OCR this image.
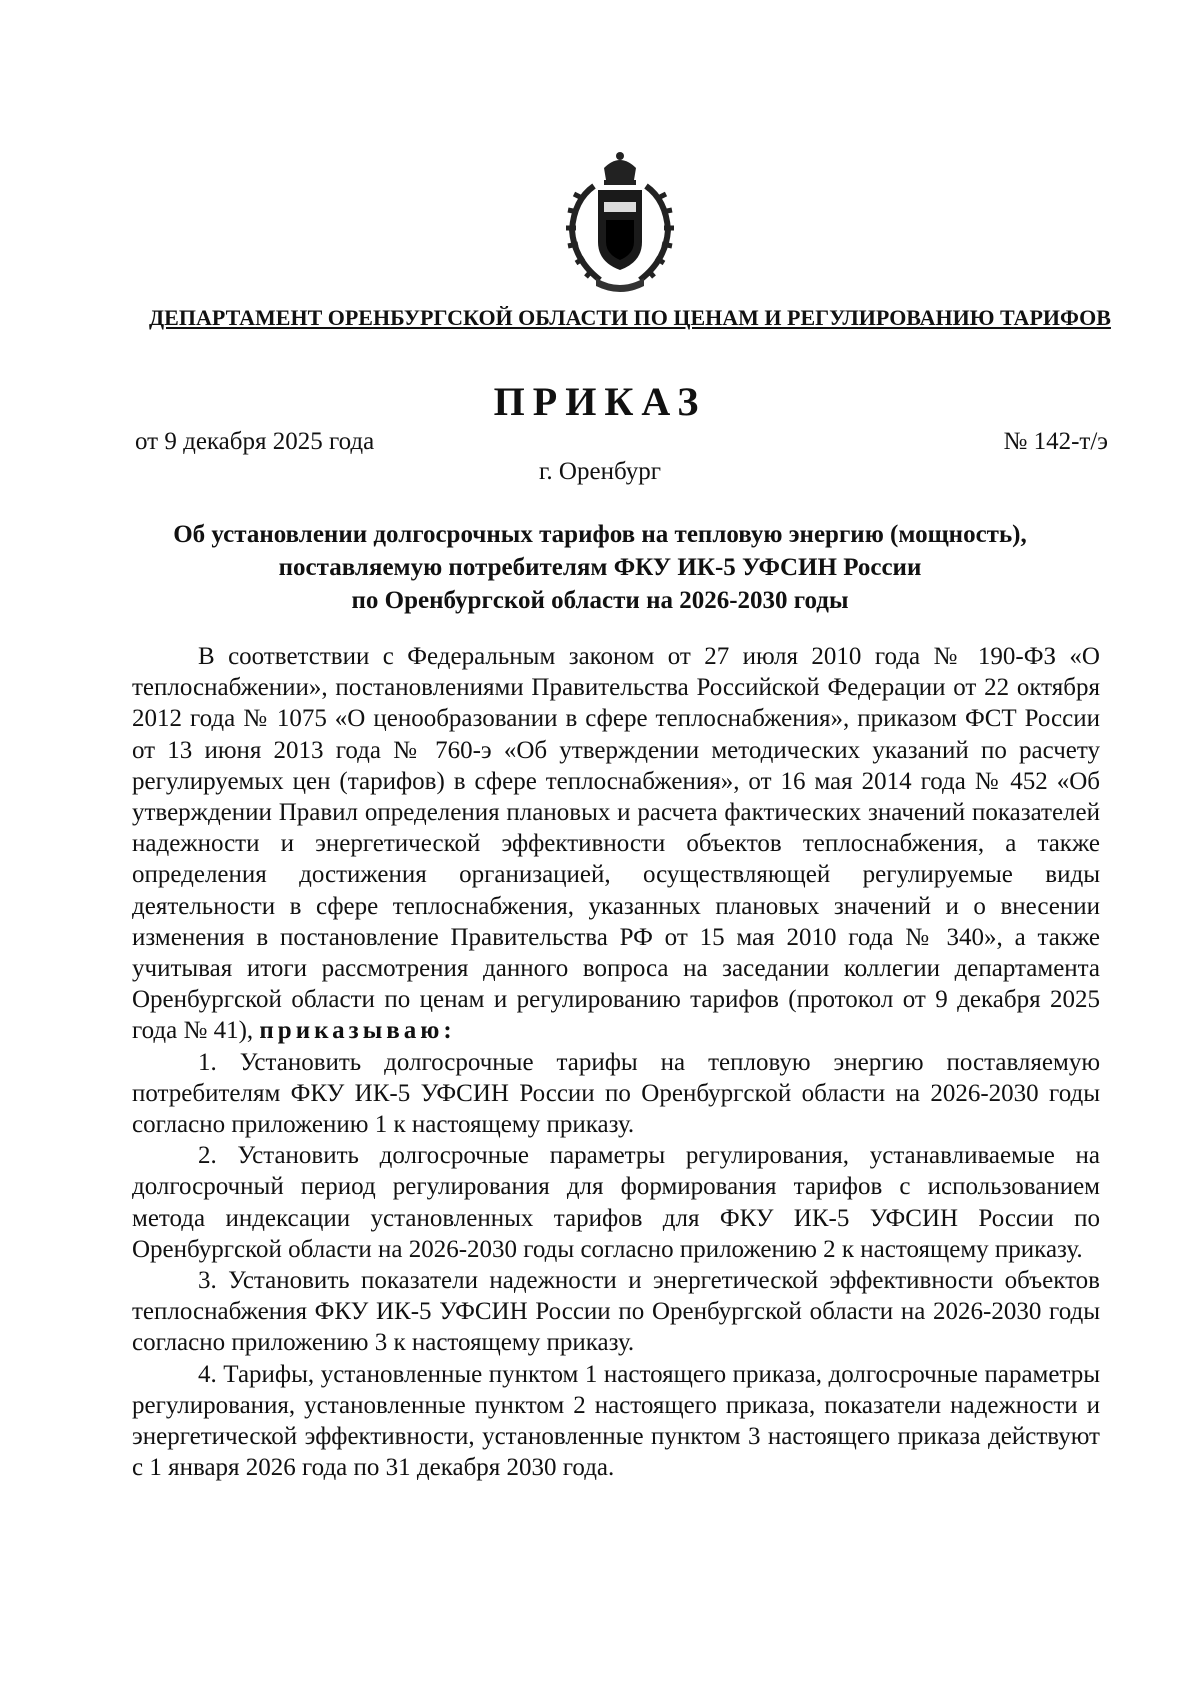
ДЕПАРТАМЕНТ ОРЕНБУРГСКОЙ ОБЛАСТИ ПО ЦЕНАМ И РЕГУЛИРОВАНИЮ ТАРИФОВ
ПРИКАЗ
от 9 декабря 2025 года	№ 142-т/э
г. Оренбург
Об установлении долгосрочных тарифов на тепловую энергию (мощность),
поставляемую потребителям ФКУ ИК-5 УФСИН России
по Оренбургской области на 2026-2030 годы

В соответствии с Федеральным законом от 27 июля 2010 года № 190-ФЗ «О теплоснабжении», постановлениями Правительства Российской Федерации от 22 октября 2012 года № 1075 «О ценообразовании в сфере теплоснабжения», приказом ФСТ России от 13 июня 2013 года № 760-э «Об утверждении методических указаний по расчету регулируемых цен (тарифов) в сфере теплоснабжения», от 16 мая 2014 года № 452 «Об утверждении Правил определения плановых и расчета фактических значений показателей надежности и энергетической эффективности объектов теплоснабжения, а также определения достижения организацией, осуществляющей регулируемые виды деятельности в сфере теплоснабжения, указанных плановых значений и о внесении изменения в постановление Правительства РФ от 15 мая 2010 года № 340», а также учитывая итоги рассмотрения данного вопроса на заседании коллегии департамента Оренбургской области по ценам и регулированию тарифов (протокол от 9 декабря 2025 года № 41), приказываю:

1. Установить долгосрочные тарифы на тепловую энергию поставляемую потребителям ФКУ ИК-5 УФСИН России по Оренбургской области на 2026-2030 годы согласно приложению 1 к настоящему приказу.

2. Установить долгосрочные параметры регулирования, устанавливаемые на долгосрочный период регулирования для формирования тарифов с использованием метода индексации установленных тарифов для ФКУ ИК-5 УФСИН России по Оренбургской области на 2026-2030 годы согласно приложению 2 к настоящему приказу.

3. Установить показатели надежности и энергетической эффективности объектов теплоснабжения ФКУ ИК-5 УФСИН России по Оренбургской области на 2026-2030 годы согласно приложению 3 к настоящему приказу.

4. Тарифы, установленные пунктом 1 настоящего приказа, долгосрочные параметры регулирования, установленные пунктом 2 настоящего приказа, показатели надежности и энергетической эффективности, установленные пунктом 3 настоящего приказа действуют с 1 января 2026 года по 31 декабря 2030 года.
